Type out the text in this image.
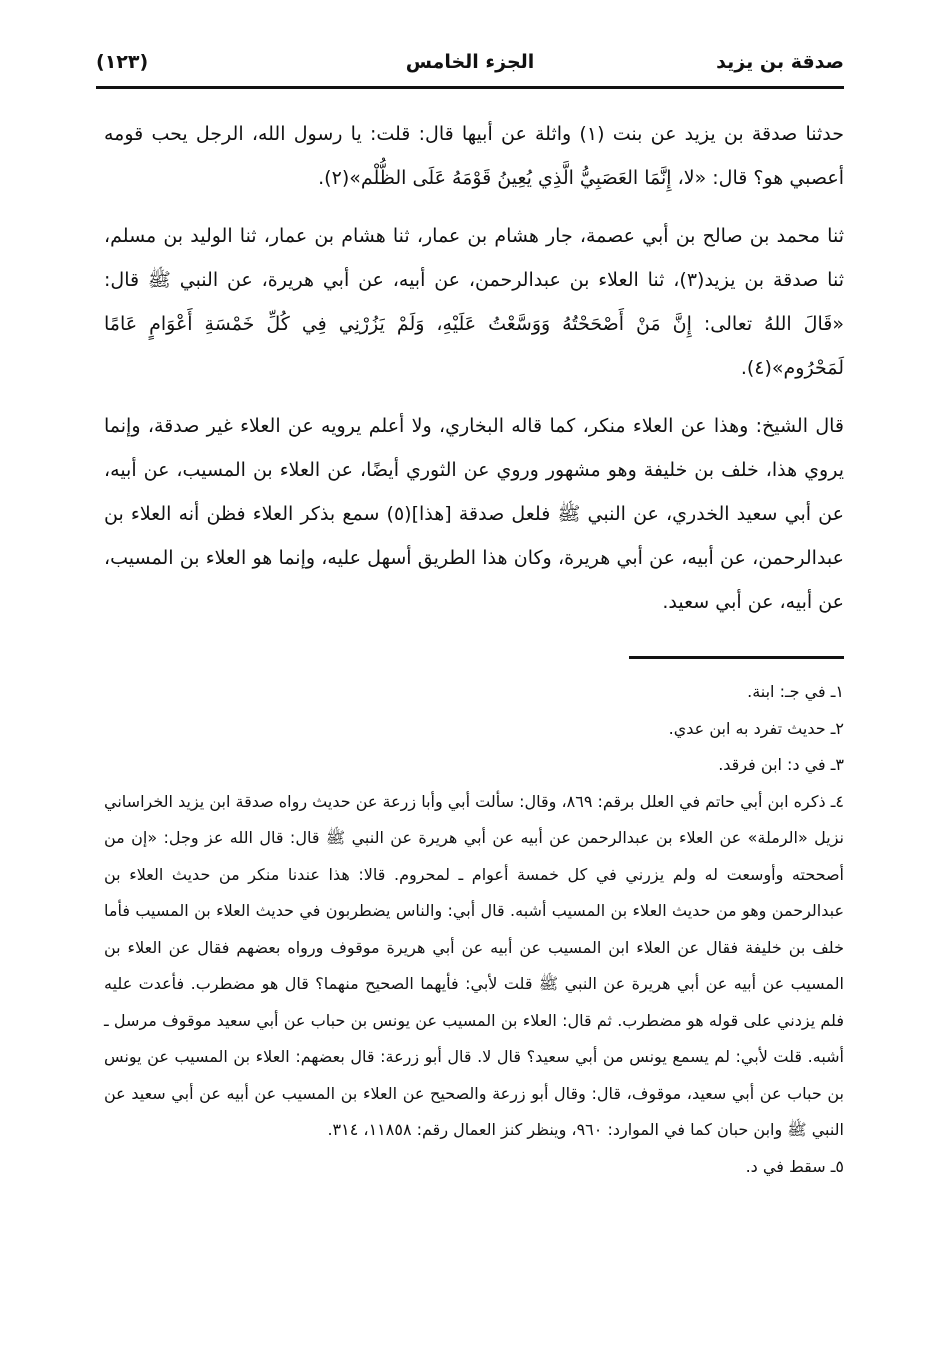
صدقة بن يزيد
الجزء الخامس
(١٢٣)

حدثنا صدقة بن يزيد عن بنت (١) واثلة عن أبيها قال: قلت: يا رسول الله، الرجل يحب قومه أعصبي هو؟ قال: «لا، إِنَّمَا العَصَبِيُّ الَّذِي يُعِينُ قَوْمَهُ عَلَى الظُّلْم»(٢).

ثنا محمد بن صالح بن أبي عصمة، جار هشام بن عمار، ثنا هشام بن عمار، ثنا الوليد بن مسلم، ثنا صدقة بن يزيد(٣)، ثنا العلاء بن عبدالرحمن، عن أبيه، عن أبي هريرة، عن النبي ﷺ قال: «قَالَ اللهُ تعالى: إِنَّ مَنْ أَصْحَحْتُهُ وَوَسَّعْتُ عَلَيْهِ، وَلَمْ يَزُرْنِي فِي كُلِّ خَمْسَةِ أَعْوَامٍ عَامًا لَمَحْرُوم»(٤).

قال الشيخ: وهذا عن العلاء منكر، كما قاله البخاري، ولا أعلم يرويه عن العلاء غير صدقة، وإنما يروي هذا، خلف بن خليفة وهو مشهور وروي عن الثوري أيضًا، عن العلاء بن المسيب، عن أبيه، عن أبي سعيد الخدري، عن النبي ﷺ فلعل صدقة [هذا](٥) سمع بذكر العلاء فظن أنه العلاء بن عبدالرحمن، عن أبيه، عن أبي هريرة، وكان هذا الطريق أسهل عليه، وإنما هو العلاء بن المسيب، عن أبيه، عن أبي سعيد.

١ـ في جـ: ابنة.

٢ـ حديث تفرد به ابن عدي.

٣ـ في د: ابن فرقد.

٤ـ ذكره ابن أبي حاتم في العلل برقم: ٨٦٩، وقال: سألت أبي وأبا زرعة عن حديث رواه صدقة ابن يزيد الخراساني نزيل «الرملة» عن العلاء بن عبدالرحمن عن أبيه عن أبي هريرة عن النبي ﷺ قال: قال الله عز وجل: «إن من أصححته وأوسعت له ولم يزرني في كل خمسة أعوام ـ لمحروم. قالا: هذا عندنا منكر من حديث العلاء بن عبدالرحمن وهو من حديث العلاء بن المسيب أشبه. قال أبي: والناس يضطربون في حديث العلاء بن المسيب فأما خلف بن خليفة فقال عن العلاء ابن المسيب عن أبيه عن أبي هريرة موقوف ورواه بعضهم فقال عن العلاء بن المسيب عن أبيه عن أبي هريرة عن النبي ﷺ قلت لأبي: فأيهما الصحيح منهما؟ قال هو مضطرب. فأعدت عليه فلم يزدني على قوله هو مضطرب. ثم قال: العلاء بن المسيب عن يونس بن حباب عن أبي سعيد موقوف مرسل ـ أشبه. قلت لأبي: لم يسمع يونس من أبي سعيد؟ قال لا. قال أبو زرعة: قال بعضهم: العلاء بن المسيب عن يونس بن حباب عن أبي سعيد، موقوف، قال: وقال أبو زرعة والصحيح عن العلاء بن المسيب عن أبيه عن أبي سعيد عن النبي ﷺ وابن حبان كما في الموارد: ٩٦٠، وينظر كنز العمال رقم: ١١٨٥٨، ٣١٤.

٥ـ سقط في د.
